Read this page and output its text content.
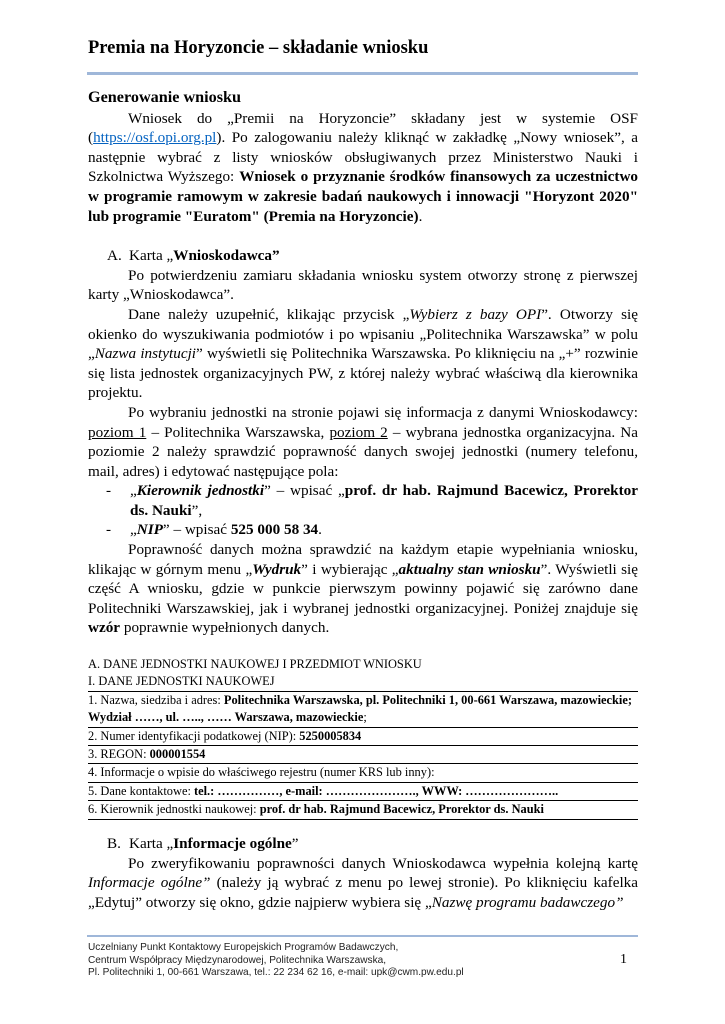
Premia na Horyzoncie – składanie wniosku
Generowanie wniosku

Wniosek do „Premii na Horyzoncie” składany jest w systemie OSF (https://osf.opi.org.pl). Po zalogowaniu należy kliknąć w zakładkę „Nowy wniosek”, a następnie wybrać z listy wniosków obsługiwanych przez Ministerstwo Nauki i Szkolnictwa Wyższego: Wniosek o przyznanie środków finansowych za uczestnictwo w programie ramowym w zakresie badań naukowych i innowacji "Horyzont 2020" lub programie "Euratom" (Premia na Horyzoncie).

A. Karta „Wnioskodawca”

Po potwierdzeniu zamiaru składania wniosku system otworzy stronę z pierwszej karty „Wnioskodawca”.

Dane należy uzupełnić, klikając przycisk „Wybierz z bazy OPI”. Otworzy się okienko do wyszukiwania podmiotów i po wpisaniu „Politechnika Warszawska” w polu „Nazwa instytucji” wyświetli się Politechnika Warszawska. Po kliknięciu na „+” rozwinie się lista jednostek organizacyjnych PW, z której należy wybrać właściwą dla kierownika projektu.

Po wybraniu jednostki na stronie pojawi się informacja z danymi Wnioskodawcy: poziom 1 – Politechnika Warszawska, poziom 2 – wybrana jednostka organizacyjna. Na poziomie 2 należy sprawdzić poprawność danych swojej jednostki (numery telefonu, mail, adres) i edytować następujące pola:

- „Kierownik jednostki” – wpisać „prof. dr hab. Rajmund Bacewicz, Prorektor ds. Nauki”,

- „NIP” – wpisać 525 000 58 34.

Poprawność danych można sprawdzić na każdym etapie wypełniania wniosku, klikając w górnym menu „Wydruk” i wybierając „aktualny stan wniosku”. Wyświetli się część A wniosku, gdzie w punkcie pierwszym powinny pojawić się zarówno dane Politechniki Warszawskiej, jak i wybranej jednostki organizacyjnej. Poniżej znajduje się wzór poprawnie wypełnionych danych.

A. DANE JEDNOSTKI NAUKOWEJ I PRZEDMIOT WNIOSKU

I. DANE JEDNOSTKI NAUKOWEJ

1. Nazwa, siedziba i adres: Politechnika Warszawska, pl. Politechniki 1, 00-661 Warszawa, mazowieckie; Wydział ……, ul. ….., …… Warszawa, mazowieckie;

2. Numer identyfikacji podatkowej (NIP): 5250005834

3. REGON: 000001554

4. Informacje o wpisie do właściwego rejestru (numer KRS lub inny):

5. Dane kontaktowe: tel.: ……………, e-mail: …………………., WWW: …………………..

6. Kierownik jednostki naukowej: prof. dr hab. Rajmund Bacewicz, Prorektor ds. Nauki

B. Karta „Informacje ogólne”

Po zweryfikowaniu poprawności danych Wnioskodawca wypełnia kolejną kartę Informacje ogólne” (należy ją wybrać z menu po lewej stronie). Po kliknięciu kafelka „Edytuj” otworzy się okno, gdzie najpierw wybiera się „Nazwę programu badawczego”

Uczelniany Punkt Kontaktowy Europejskich Programów Badawczych,
Centrum Współpracy Międzynarodowej, Politechnika Warszawska,
Pl. Politechniki 1, 00-661 Warszawa, tel.: 22 234 62 16, e-mail: upk@cwm.pw.edu.pl
1
